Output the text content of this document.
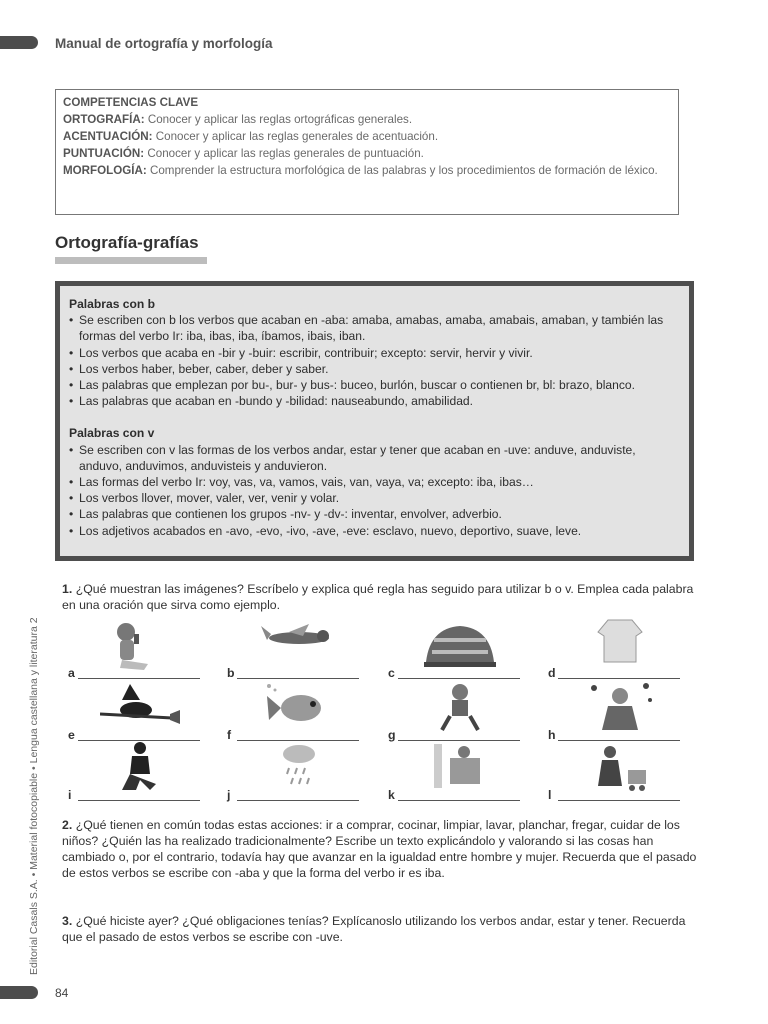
Manual de ortografía y morfología
COMPETENCIAS CLAVE
ORTOGRAFÍA: Conocer y aplicar las reglas ortográficas generales.
ACENTUACIÓN: Conocer y aplicar las reglas generales de acentuación.
PUNTUACIÓN: Conocer y aplicar las reglas generales de puntuación.
MORFOLOGÍA: Comprender la estructura morfológica de las palabras y los procedimientos de formación de léxico.
Ortografía-grafías

Palabras con b

• Se escriben con b los verbos que acaban en -aba: amaba, amabas, amaba, amabais, amaban, y también las formas del verbo Ir: iba, ibas, iba, íbamos, ibais, iban.
• Los verbos que acaba en -bir y -buir: escribir, contribuir; excepto: servir, hervir y vivir.
• Los verbos haber, beber, caber, deber y saber.
• Las palabras que emplezan por bu-, bur- y bus-: buceo, burlón, buscar o contienen br, bl: brazo, blanco.
• Las palabras que acaban en -bundo y -bilidad: nauseabundo, amabilidad.

Palabras con v

• Se escriben con v las formas de los verbos andar, estar y tener que acaban en -uve: anduve, anduviste, anduvo, anduvimos, anduvisteis y anduvieron.
• Las formas del verbo Ir: voy, vas, va, vamos, vais, van, vaya, va; excepto: iba, ibas…
• Los verbos llover, mover, valer, ver, venir y volar.
• Las palabras que contienen los grupos -nv- y -dv-: inventar, envolver, adverbio.
• Los adjetivos acabados en -avo, -evo, -ivo, -ave, -eve: esclavo, nuevo, deportivo, suave, leve.
1. ¿Qué muestran las imágenes? Escríbelo y explica qué regla has seguido para utilizar b o v. Emplea cada palabra en una oración que sirva como ejemplo.
a	b	c	d
e	f	g	h
i	j	k	l
2. ¿Qué tienen en común todas estas acciones: ir a comprar, cocinar, limpiar, lavar, planchar, fregar, cuidar de los niños? ¿Quién las ha realizado tradicionalmente? Escribe un texto explicándolo y valorando si las cosas han cambiado o, por el contrario, todavía hay que avanzar en la igualdad entre hombre y mujer. Recuerda que el pasado de estos verbos se escribe con -aba y que la forma del verbo ir es iba.
3. ¿Qué hiciste ayer? ¿Qué obligaciones tenías? Explícanoslo utilizando los verbos andar, estar y tener. Recuerda que el pasado de estos verbos se escribe con -uve.
Editorial Casals S.A. • Material fotocopiable • Lengua castellana y literatura 2
84
